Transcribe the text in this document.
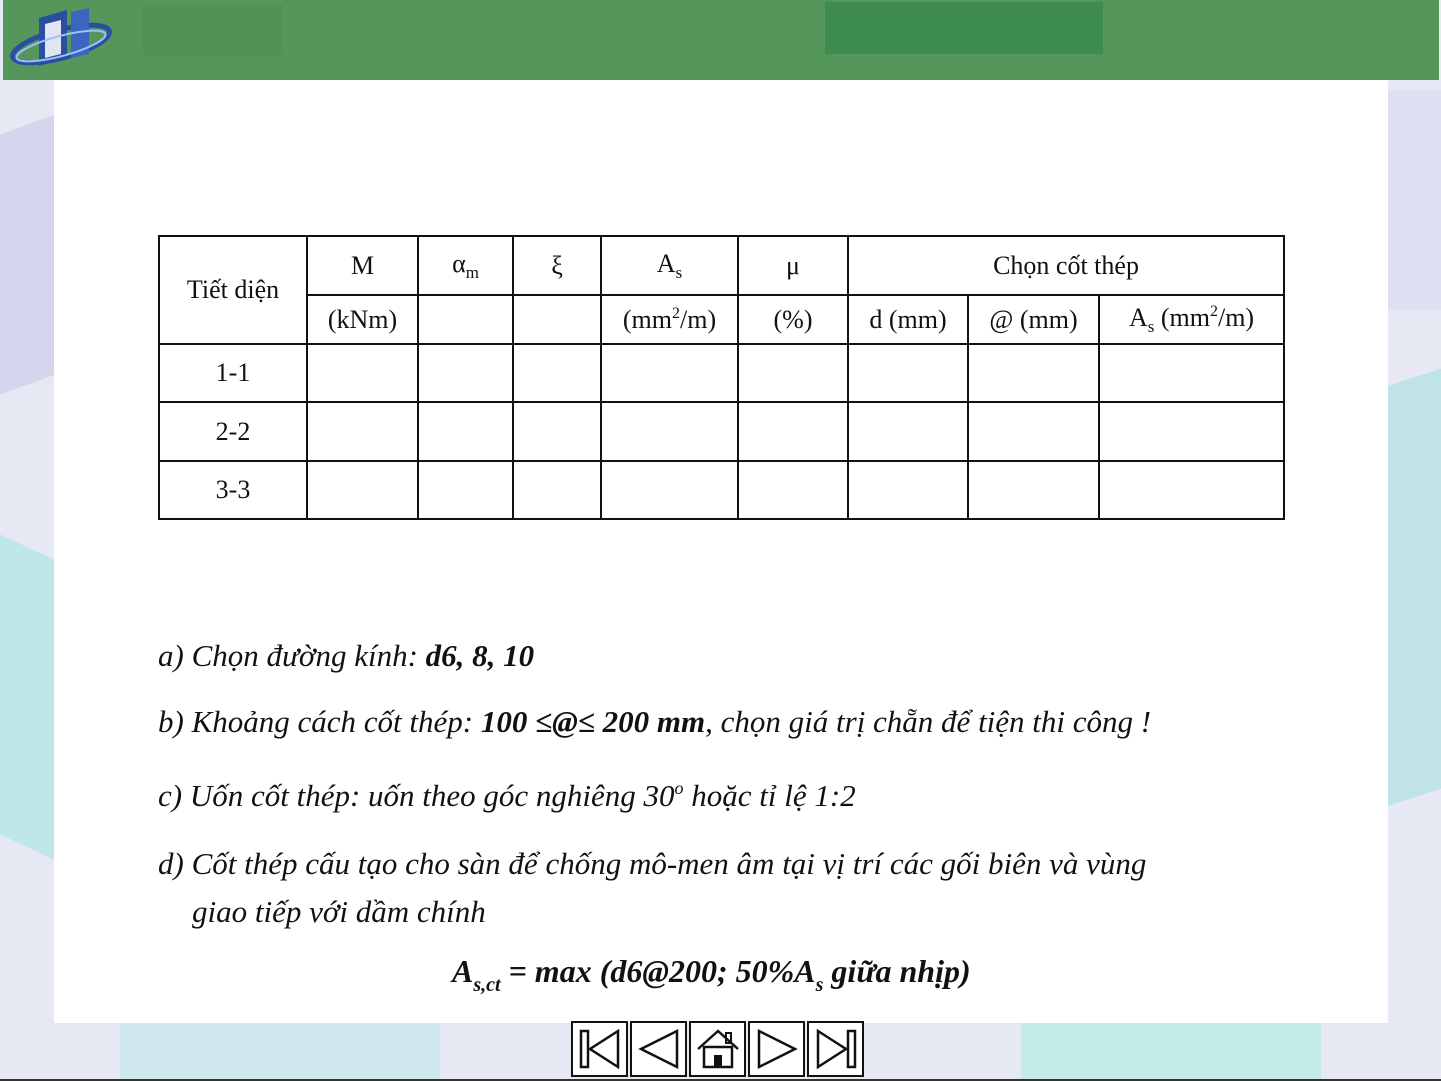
Tiết diện	M	$\alpha_m$	ξ	$A_s$	μ	Chọn cốt thép		
	(kNm)			$(mm^2/m)$	(%)	d (mm)	@ (mm)	$A_s$ $(mm^2/m)$
1-1								
2-2								
3-3								
a) Chọn đường kính: d6, 8, 10
b) Khoảng cách cốt thép: 100 ≤@≤ 200 mm, chọn giá trị chẵn để tiện thi công !
c) Uốn cốt thép: uốn theo góc nghiêng 30$^o$ hoặc tỉ lệ 1:2
d) Cốt thép cấu tạo cho sàn để chống mô-men âm tại vị trí các gối biên và vùng
giao tiếp với dầm chính
$A_{s,ct} = \max$ (d6@200; $50\%A_s$ giữa nhịp)
